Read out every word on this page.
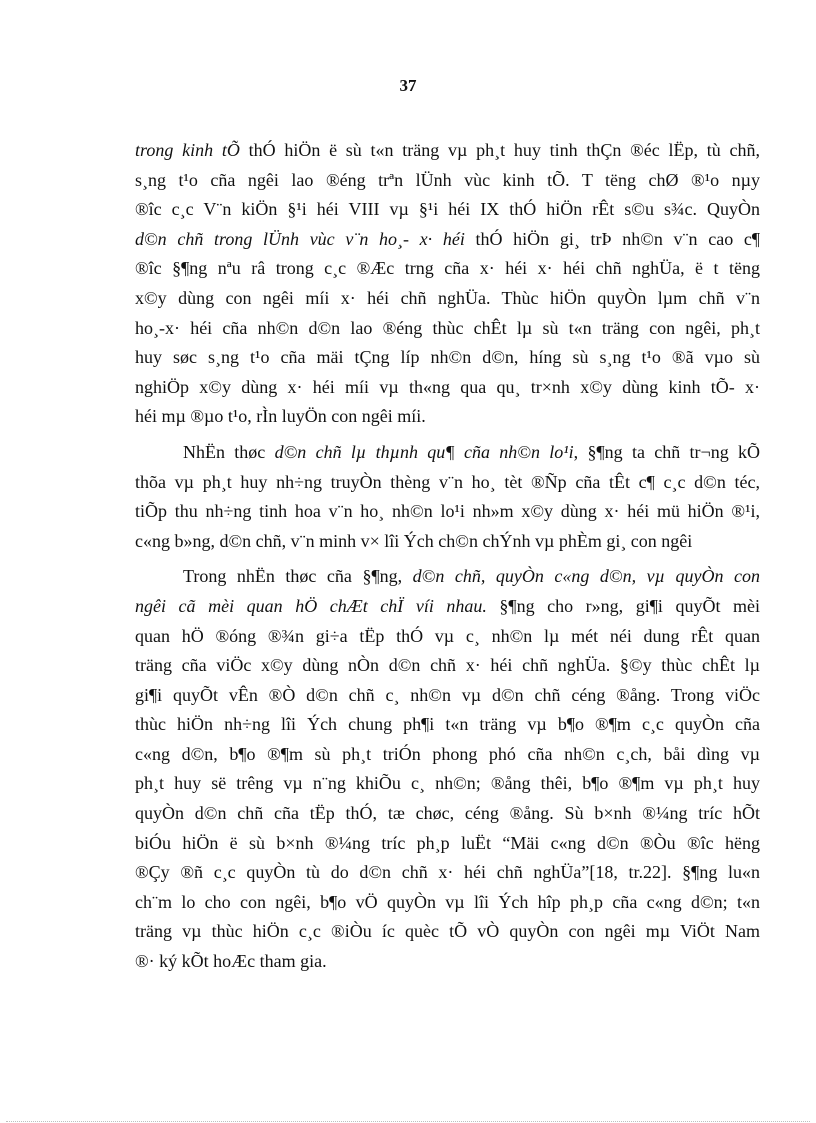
37
trong kinh tÕ thÓ hiÖn ë sù t«n träng vµ ph¸t huy tinh thÇn ®éc lËp, tù chñ,
s¸ng t¹o cña ngêi lao ®éng trªn lÜnh vùc kinh tÕ. T tëng chØ ®¹o nµy
®îc c¸c V¨n kiÖn §¹i héi VIII vµ §¹i héi IX thÓ hiÖn rÊt s©u s¾c. QuyÒn
d©n chñ trong lÜnh vùc v¨n ho¸- x· héi thÓ hiÖn gi¸ trÞ nh©n v¨n cao c¶
®îc §¶ng nªu râ trong c¸c ®Æc trng cña x· héi x· héi chñ nghÜa, ë t tëng
x©y dùng con ngêi míi x· héi chñ nghÜa. Thùc hiÖn quyÒn lµm chñ v¨n
ho¸-x· héi cña nh©n d©n lao ®éng thùc chÊt lµ sù t«n träng con ngêi, ph¸t
huy søc s¸ng t¹o cña mäi tÇng líp nh©n d©n, híng sù s¸ng t¹o ®ã vµo sù
nghiÖp x©y dùng x· héi míi vµ th«ng qua qu¸ tr×nh x©y dùng kinh tÕ- x·
héi mµ ®µo t¹o, rÌn luyÖn con ngêi míi.
NhËn thøc d©n chñ lµ thµnh qu¶ cña nh©n lo¹i, §¶ng ta chñ tr¬ng kÕ
thõa vµ ph¸t huy nh÷ng truyÒn thèng v¨n ho¸ tèt ®Ñp cña tÊt c¶ c¸c d©n téc,
tiÕp thu nh÷ng tinh hoa v¨n ho¸ nh©n lo¹i nh»m x©y dùng x· héi mü hiÖn ®¹i,
c«ng b»ng, d©n chñ, v¨n minh v× lîi Ých ch©n chÝnh vµ phÈm gi¸ con ngêi
Trong nhËn thøc cña §¶ng, d©n chñ, quyÒn c«ng d©n, vµ quyÒn con
ngêi cã mèi quan hÖ chÆt chÏ víi nhau. §¶ng cho r»ng, gi¶i quyÕt mèi
quan hÖ ®óng ®¾n gi÷a tËp thÓ vµ c¸ nh©n lµ mét néi dung rÊt quan
träng cña viÖc x©y dùng nÒn d©n chñ x· héi chñ nghÜa. §©y thùc chÊt lµ
gi¶i quyÕt vÊn ®Ò d©n chñ c¸ nh©n vµ d©n chñ céng ®ång. Trong viÖc
thùc hiÖn nh÷ng lîi Ých chung ph¶i t«n träng vµ b¶o ®¶m c¸c quyÒn cña
c«ng d©n, b¶o ®¶m sù ph¸t triÓn phong phó cña nh©n c¸ch, båi dìng vµ
ph¸t huy së trêng vµ n¨ng khiÕu c¸ nh©n; ®ång thêi, b¶o ®¶m vµ ph¸t huy
quyÒn d©n chñ cña tËp thÓ, tæ chøc, céng ®ång. Sù b×nh ®¼ng tríc hÕt
biÓu hiÖn ë sù b×nh ®¼ng tríc ph¸p luËt “Mäi c«ng d©n ®Òu ®îc hëng
®Çy ®ñ c¸c quyÒn tù do d©n chñ x· héi chñ nghÜa”[18, tr.22]. §¶ng lu«n
ch¨m lo cho con ngêi, b¶o vÖ quyÒn vµ lîi Ých hîp ph¸p cña c«ng d©n; t«n
träng vµ thùc hiÖn c¸c ®iÒu íc quèc tÕ vÒ quyÒn con ngêi mµ ViÖt Nam
®· ký kÕt hoÆc tham gia.
